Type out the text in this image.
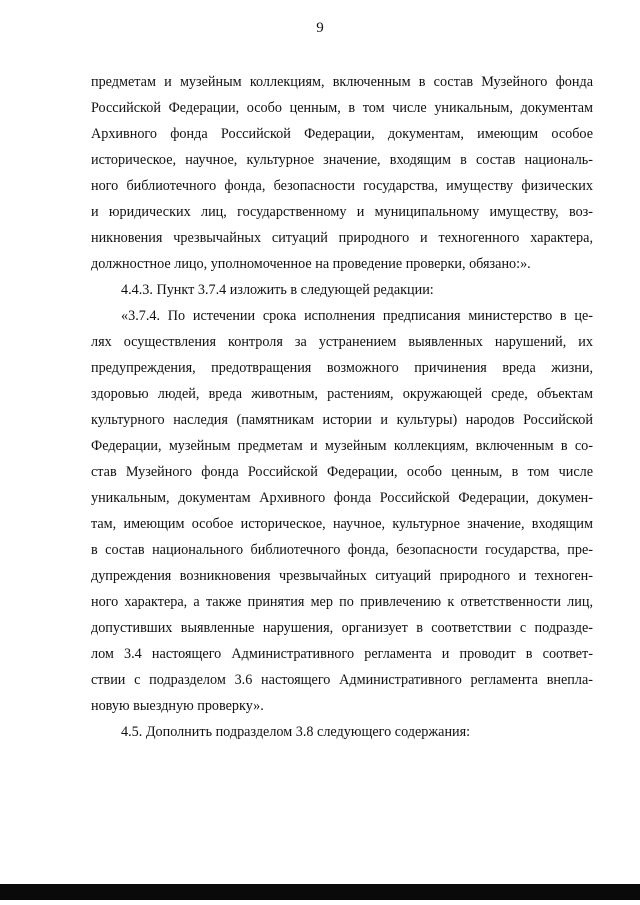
9
предметам и музейным коллекциям, включенным в состав Музейного фонда
Российской Федерации, особо ценным, в том числе уникальным, документам
Архивного фонда Российской Федерации, документам, имеющим особое
историческое, научное, культурное значение, входящим в состав националь-
ного библиотечного фонда, безопасности государства, имуществу физических
и юридических лиц, государственному и муниципальному имуществу, воз-
никновения чрезвычайных ситуаций природного и техногенного характера,
должностное лицо, уполномоченное на проведение проверки, обязано:».
4.4.3. Пункт 3.7.4 изложить в следующей редакции:
«3.7.4. По истечении срока исполнения предписания министерство в це-
лях осуществления контроля за устранением выявленных нарушений, их
предупреждения, предотвращения возможного причинения вреда жизни,
здоровью людей, вреда животным, растениям, окружающей среде, объектам
культурного наследия (памятникам истории и культуры) народов Российской
Федерации, музейным предметам и музейным коллекциям, включенным в со-
став Музейного фонда Российской Федерации, особо ценным, в том числе
уникальным, документам Архивного фонда Российской Федерации, докумен-
там, имеющим особое историческое, научное, культурное значение, входящим
в состав национального библиотечного фонда, безопасности государства, пре-
дупреждения возникновения чрезвычайных ситуаций природного и техноген-
ного характера, а также принятия мер по привлечению к ответственности лиц,
допустивших выявленные нарушения, организует в соответствии с подразде-
лом 3.4 настоящего Административного регламента и проводит в соответ-
ствии с подразделом 3.6 настоящего Административного регламента внепла-
новую выездную проверку».
4.5. Дополнить подразделом 3.8 следующего содержания:
